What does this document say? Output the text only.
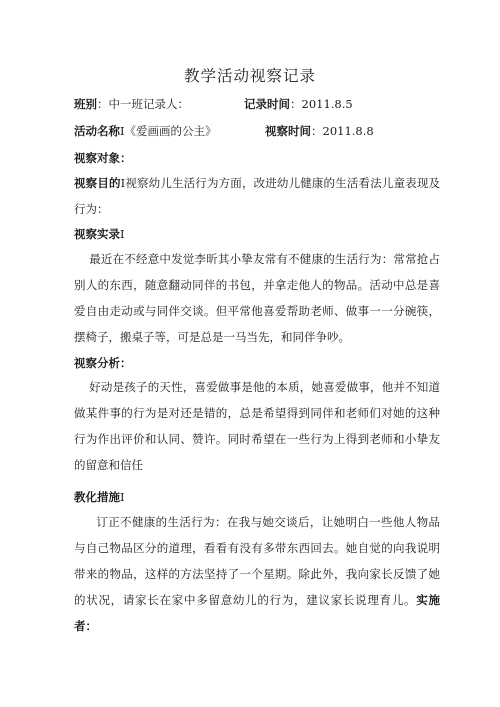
教学活动视察记录
班别：中一班记录人：	记录时间：2011.8.5
活动名称I《爱画画的公主》	视察时间：2011.8.8
视察对象：
视察目的I视察幼儿生活行为方面，改进幼儿健康的生活看法儿童表现及行为：
视察实录I
最近在不经意中发觉李昕其小挚友常有不健康的生活行为：常常抢占别人的东西，随意翻动同伴的书包，并拿走他人的物品。活动中总是喜爱自由走动或与同伴交谈。但平常他喜爱帮助老师、做事一一分碗筷，摆椅子，搬桌子等，可是总是一马当先，和同伴争吵。
视察分析：
好动是孩子的天性，喜爱做事是他的本质，她喜爱做事，他并不知道做某件事的行为是对还是错的，总是希望得到同伴和老师们对她的这种行为作出评价和认同、赞许。同时希望在一些行为上得到老师和小挚友的留意和信任
教化措施I
订正不健康的生活行为：在我与她交谈后，让她明白一些他人物品与自己物品区分的道理，看看有没有多带东西回去。她自觉的向我说明带来的物品，这样的方法坚持了一个星期。除此外，我向家长反馈了她的状况，请家长在家中多留意幼儿的行为，建议家长说理育儿。实施者：
